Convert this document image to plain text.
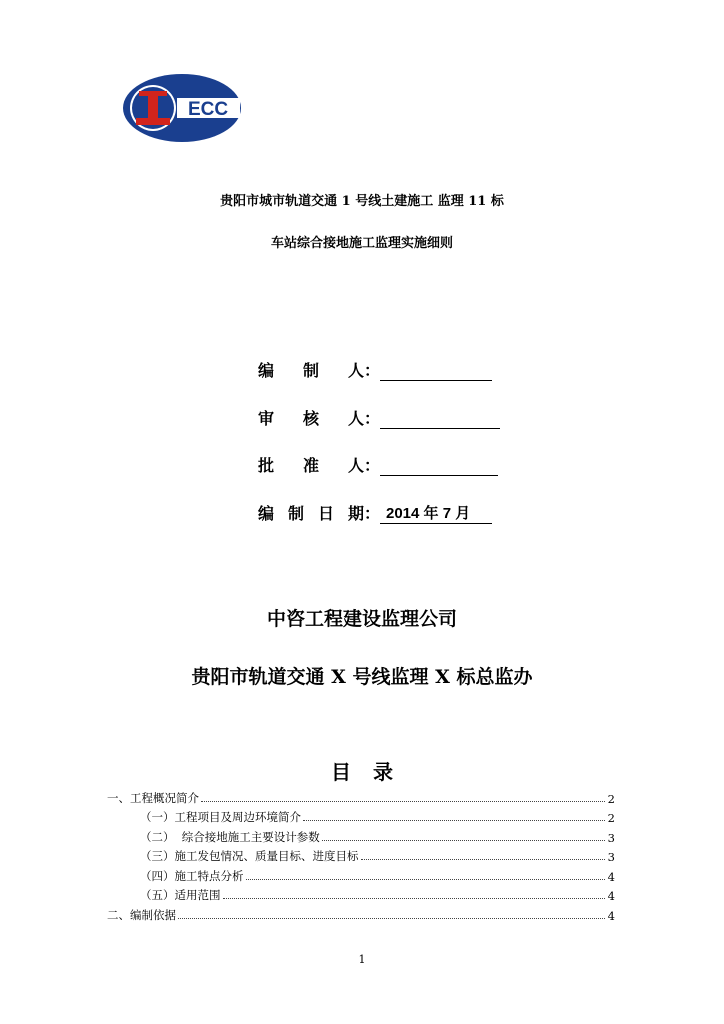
ECC
贵阳市城市轨道交通 1 号线土建施工 监理 11 标
车站综合接地施工监理实施细则
编 制 人 ：
审 核 人 ：
批 准 人 ：
编 制 日 期 ： 2014 年 7 月
中咨工程建设监理公司
贵阳市轨道交通 X 号线监理 X 标总监办
目录
一、工程概况简介	2
（一）工程项目及周边环境简介	2
（二）  综合接地施工主要设计参数	3
（三）施工发包情况、质量目标、进度目标	3
（四）施工特点分析	4
（五）适用范围	4
二、编制依据	4
1
